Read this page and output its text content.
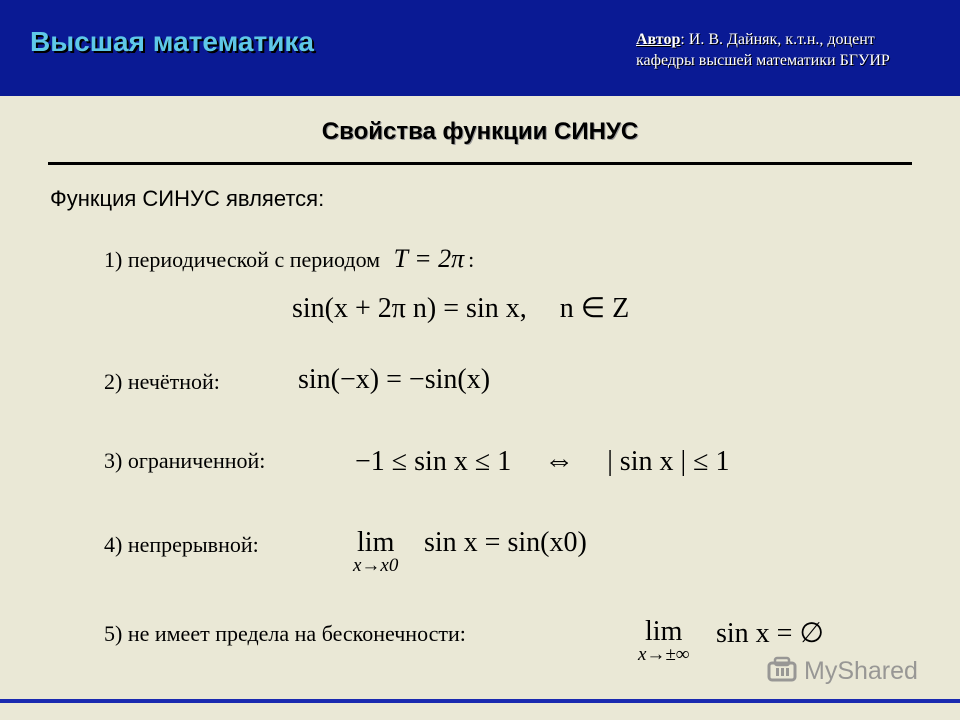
Высшая математика	Автор: И. В. Дайняк, к.т.н., доцент
кафедры высшей математики БГУИР
Свойства функции СИНУС
Функция СИНУС является:
1) периодической с периодом T = 2π :
sin(x + 2π n) = sin x, n ∈ Z
2) нечётной:	sin(−x) = −sin(x)
3) ограниченной:	−1 ≤ sin x ≤ 1 ⇔ | sin x | ≤ 1
4) непрерывной:	lim
x→x0
sin x = sin(x0)
5) не имеет предела на бесконечности:	lim
x→±∞
sin x = ∅
MyShared
